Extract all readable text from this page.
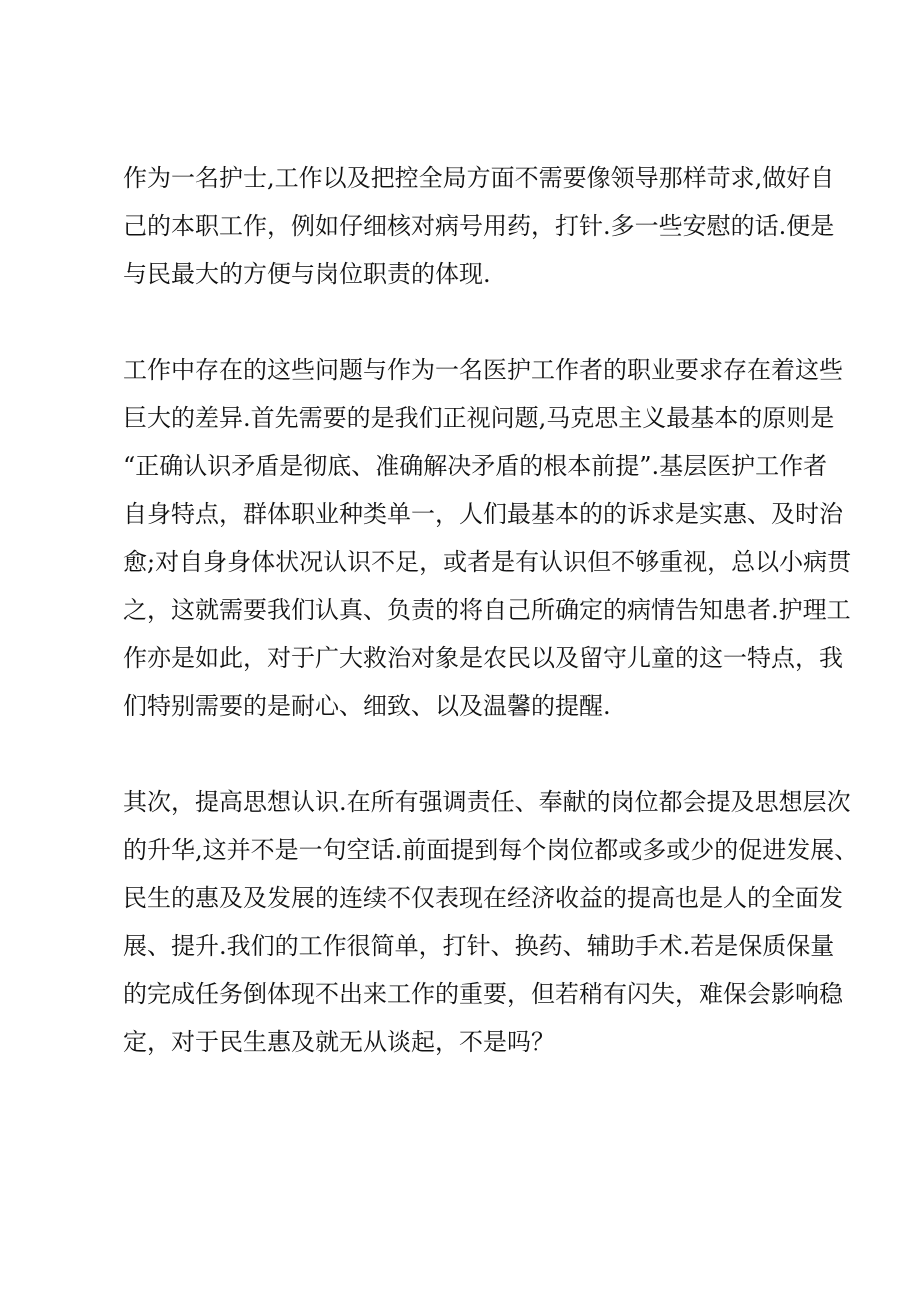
作为一名护士,工作以及把控全局方面不需要像领导那样苛求,做好自
己的本职工作，例如仔细核对病号用药，打针.多一些安慰的话.便是
与民最大的方便与岗位职责的体现.
工作中存在的这些问题与作为一名医护工作者的职业要求存在着这些
巨大的差异.首先需要的是我们正视问题,马克思主义最基本的原则是
“正确认识矛盾是彻底、准确解决矛盾的根本前提”.基层医护工作者
自身特点，群体职业种类单一，人们最基本的的诉求是实惠、及时治
愈;对自身身体状况认识不足，或者是有认识但不够重视，总以小病贯
之，这就需要我们认真、负责的将自己所确定的病情告知患者.护理工
作亦是如此，对于广大救治对象是农民以及留守儿童的这一特点，我
们特别需要的是耐心、细致、以及温馨的提醒.
其次，提高思想认识.在所有强调责任、奉献的岗位都会提及思想层次
的升华,这并不是一句空话.前面提到每个岗位都或多或少的促进发展、
民生的惠及及发展的连续不仅表现在经济收益的提高也是人的全面发
展、提升.我们的工作很简单，打针、换药、辅助手术.若是保质保量
的完成任务倒体现不出来工作的重要，但若稍有闪失，难保会影响稳
定，对于民生惠及就无从谈起，不是吗？
